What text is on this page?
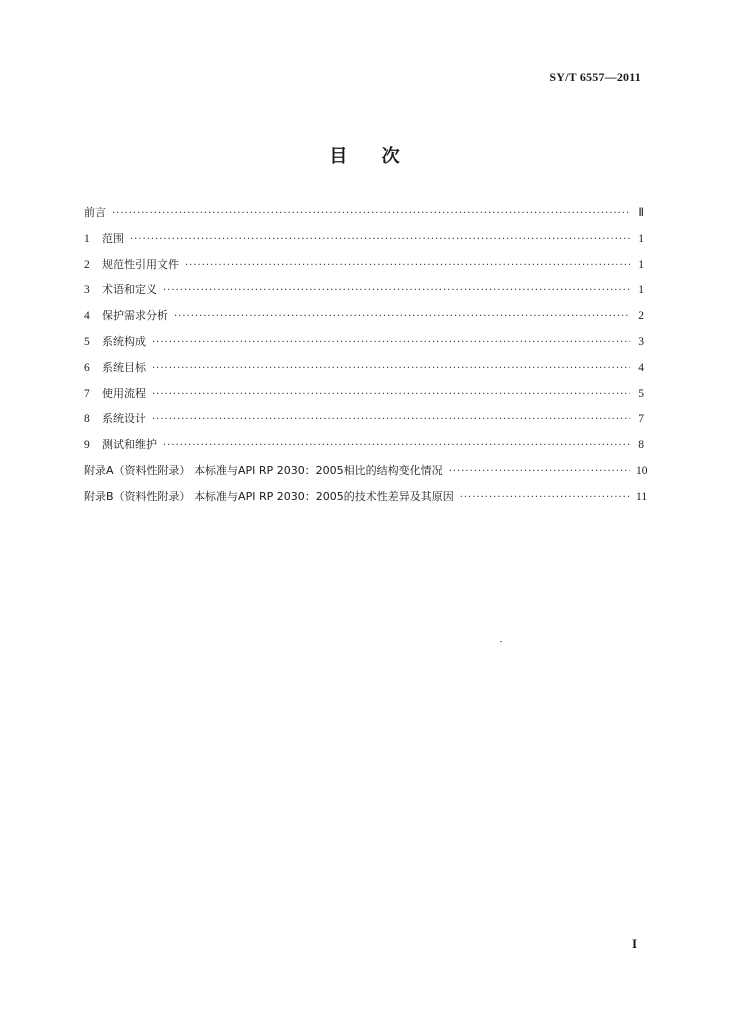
SY/T 6557—2011
目 次
前言 ·····	Ⅱ
1	范围 ·····	1
2	规范性引用文件 ·····	1
3	术语和定义 ·····	1
4	保护需求分析 ·····	2
5	系统构成 ·····	3
6	系统目标 ·····	4
7	使用流程 ·····	5
8	系统设计 ·····	7
9	测试和维护 ·····	8
附录A（资料性附录） 本标准与API RP 2030：2005相比的结构变化情况 ·····	10
附录B（资料性附录） 本标准与API RP 2030：2005的技术性差异及其原因 ·····	11
I
